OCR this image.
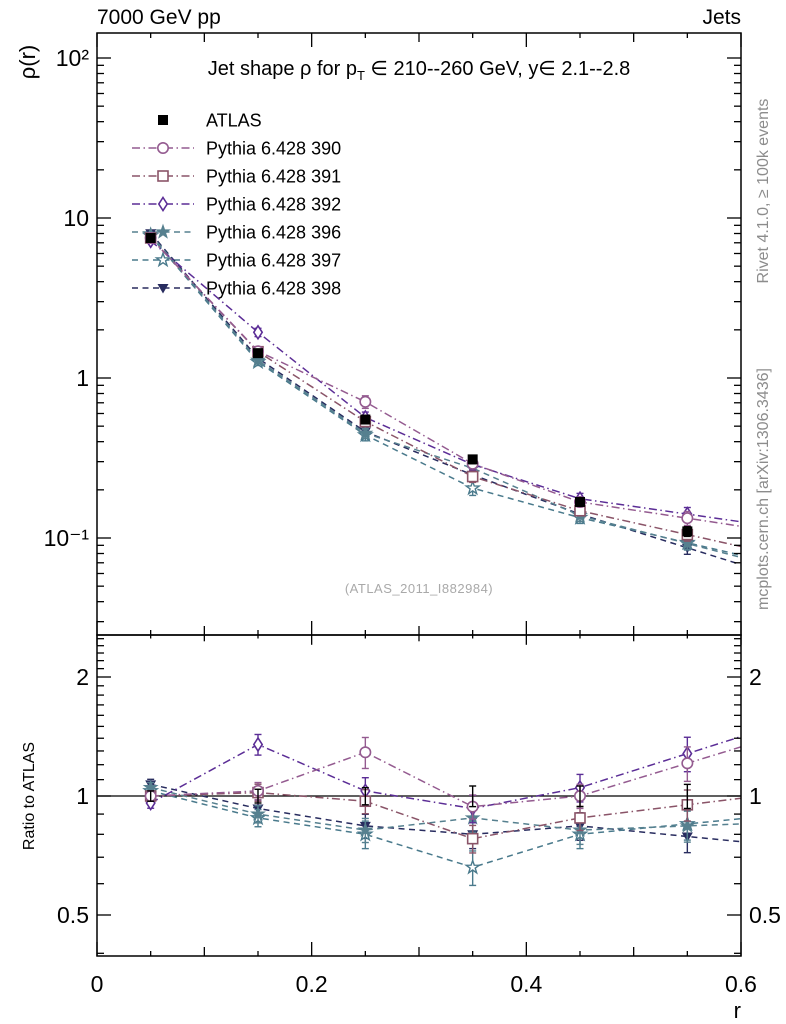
ATLAS
Pythia 6.428 390
Pythia 6.428 391
Pythia 6.428 392
Pythia 6.428 396
Pythia 6.428 397
Pythia 6.428 398
10²
10
1
10⁻¹
2	2
1	1
0.5	0.5
0	0.2	0.4	0.6
7000 GeV pp	Jets
Jet shape ρ for $p_T$ ∈ 210--260 GeV, y∈ 2.1--2.8
ρ(r)
Ratio to ATLAS
Rivet 4.1.0, ≥ 100k events
mcplots.cern.ch [arXiv:1306.3436]
(ATLAS_2011_I882984)
r
